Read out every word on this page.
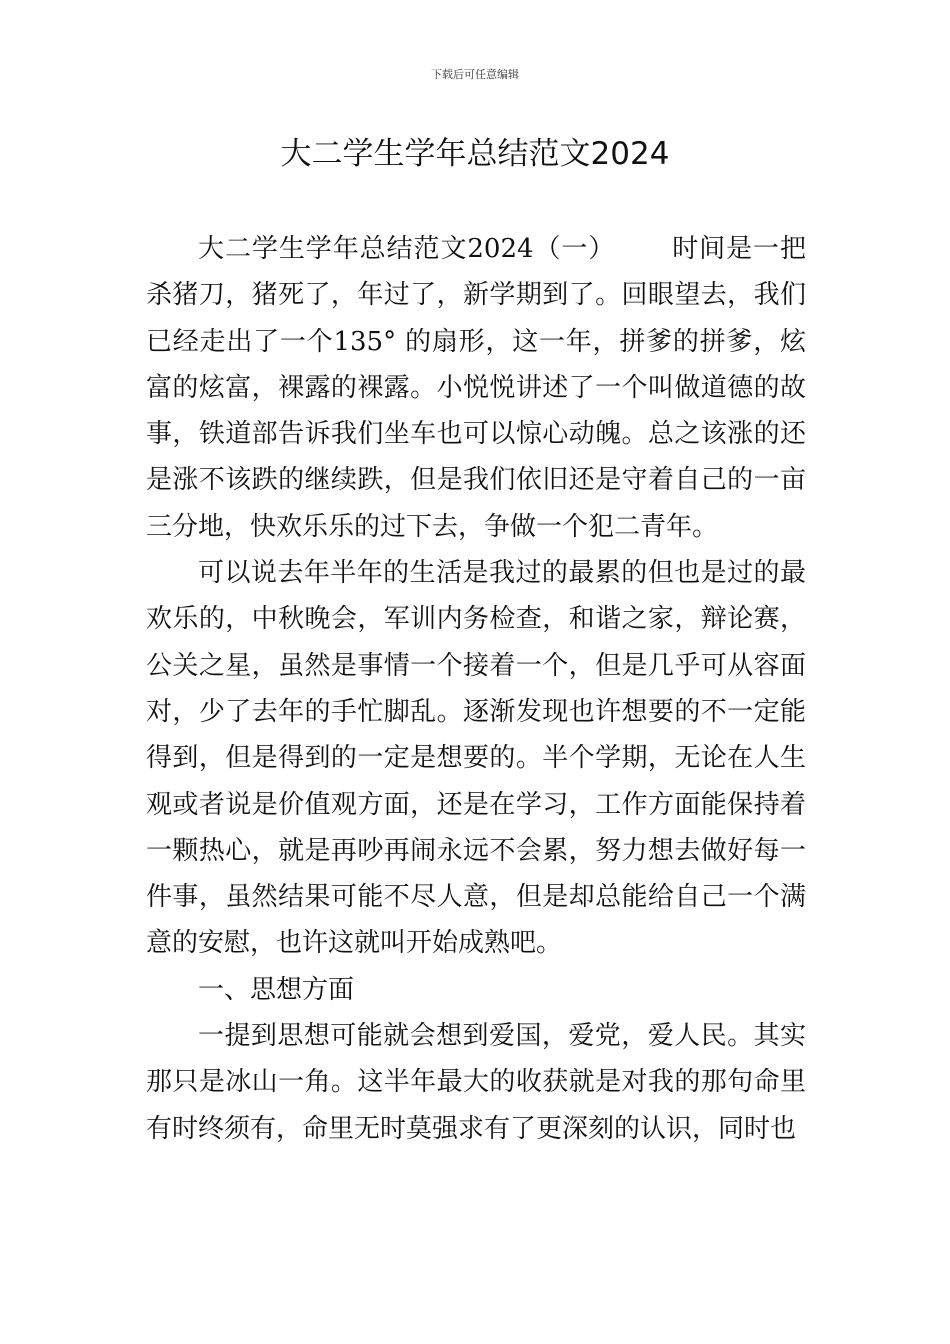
下载后可任意编辑
大二学生学年总结范文2024

大二学生学年总结范文2024（一） 时间是一把杀猪刀，猪死了，年过了，新学期到了。回眼望去，我们已经走出了一个135° 的扇形，这一年，拼爹的拼爹，炫富的炫富，裸露的裸露。小悦悦讲述了一个叫做道德的故事，铁道部告诉我们坐车也可以惊心动魄。总之该涨的还是涨不该跌的继续跌，但是我们依旧还是守着自己的一亩三分地，快欢乐乐的过下去，争做一个犯二青年。

可以说去年半年的生活是我过的最累的但也是过的最欢乐的，中秋晚会，军训内务检查，和谐之家，辩论赛，公关之星，虽然是事情一个接着一个，但是几乎可从容面对，少了去年的手忙脚乱。逐渐发现也许想要的不一定能得到，但是得到的一定是想要的。半个学期，无论在人生观或者说是价值观方面，还是在学习，工作方面能保持着一颗热心，就是再吵再闹永远不会累，努力想去做好每一件事，虽然结果可能不尽人意，但是却总能给自己一个满意的安慰，也许这就叫开始成熟吧。

一、思想方面

一提到思想可能就会想到爱国，爱党，爱人民。其实那只是冰山一角。这半年最大的收获就是对我的那句命里有时终须有，命里无时莫强求有了更深刻的认识，同时也
